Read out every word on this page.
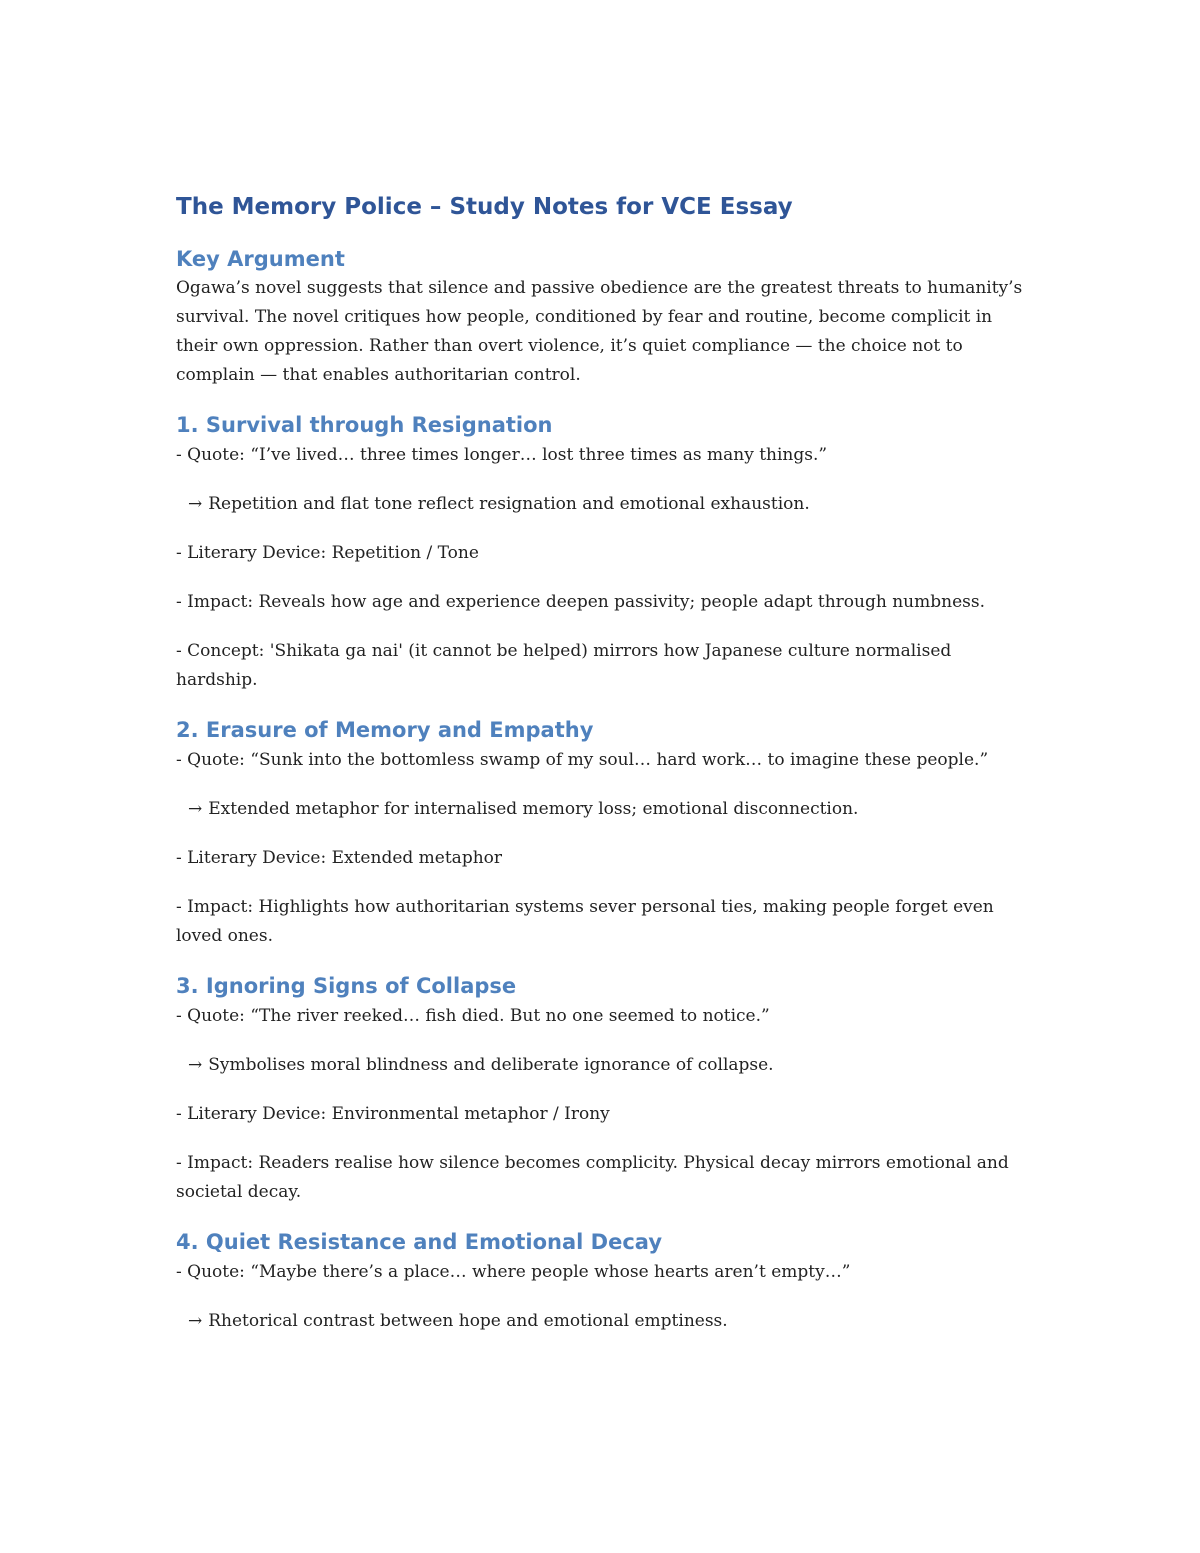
The Memory Police – Study Notes for VCE Essay
Key Argument

Ogawa’s novel suggests that silence and passive obedience are the greatest threats to humanity’s survival. The novel critiques how people, conditioned by fear and routine, become complicit in their own oppression. Rather than overt violence, it’s quiet compliance — the choice not to complain — that enables authoritarian control.

1. Survival through Resignation

- Quote: “I’ve lived… three times longer… lost three times as many things.”

→ Repetition and flat tone reflect resignation and emotional exhaustion.

- Literary Device: Repetition / Tone

- Impact: Reveals how age and experience deepen passivity; people adapt through numbness.

- Concept: 'Shikata ga nai' (it cannot be helped) mirrors how Japanese culture normalised hardship.

2. Erasure of Memory and Empathy

- Quote: “Sunk into the bottomless swamp of my soul… hard work… to imagine these people.”

→ Extended metaphor for internalised memory loss; emotional disconnection.

- Literary Device: Extended metaphor

- Impact: Highlights how authoritarian systems sever personal ties, making people forget even loved ones.

3. Ignoring Signs of Collapse

- Quote: “The river reeked… fish died. But no one seemed to notice.”

→ Symbolises moral blindness and deliberate ignorance of collapse.

- Literary Device: Environmental metaphor / Irony

- Impact: Readers realise how silence becomes complicity. Physical decay mirrors emotional and societal decay.

4. Quiet Resistance and Emotional Decay

- Quote: “Maybe there’s a place… where people whose hearts aren’t empty…”

→ Rhetorical contrast between hope and emotional emptiness.
